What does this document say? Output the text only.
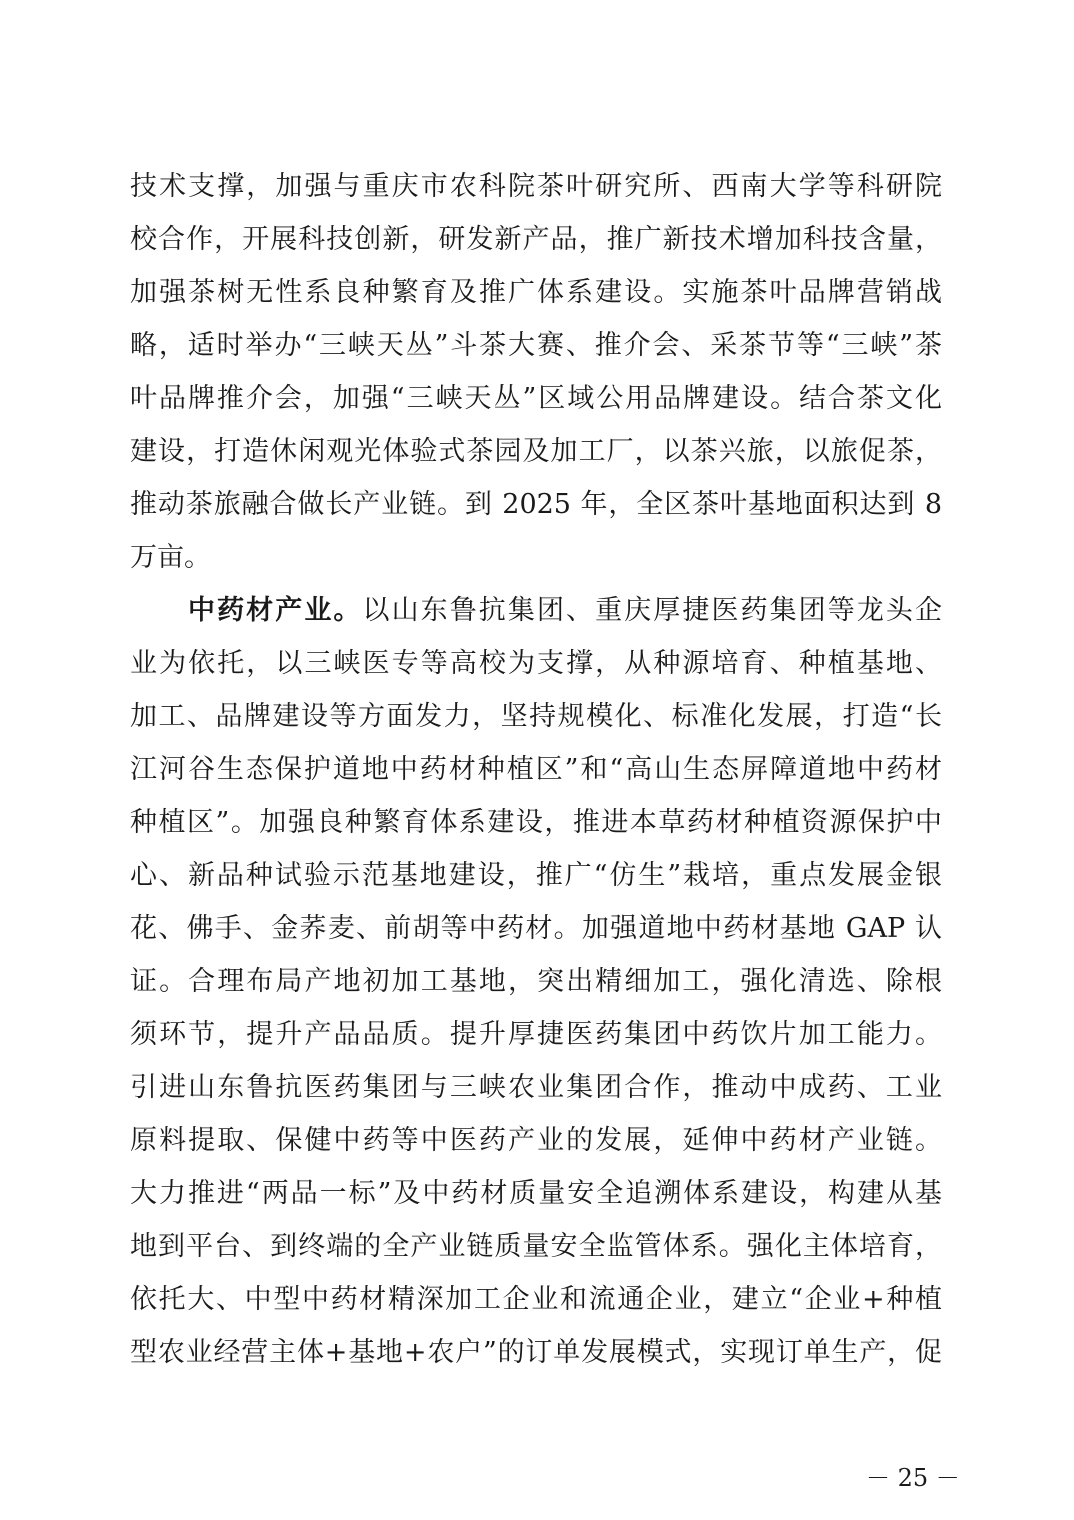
技术支撑，加强与重庆市农科院茶叶研究所、西南大学等科研院
校合作，开展科技创新，研发新产品，推广新技术增加科技含量，
加强茶树无性系良种繁育及推广体系建设。实施茶叶品牌营销战
略，适时举办“三峡天丛”斗茶大赛、推介会、采茶节等“三峡”茶
叶品牌推介会，加强“三峡天丛”区域公用品牌建设。结合茶文化
建设，打造休闲观光体验式茶园及加工厂，以茶兴旅，以旅促茶，
推动茶旅融合做长产业链。到 2025 年，全区茶叶基地面积达到 8
万亩。
中药材产业。以山东鲁抗集团、重庆厚捷医药集团等龙头企
业为依托，以三峡医专等高校为支撑，从种源培育、种植基地、
加工、品牌建设等方面发力，坚持规模化、标准化发展，打造“长
江河谷生态保护道地中药材种植区”和“高山生态屏障道地中药材
种植区”。加强良种繁育体系建设，推进本草药材种植资源保护中
心、新品种试验示范基地建设，推广“仿生”栽培，重点发展金银
花、佛手、金荞麦、前胡等中药材。加强道地中药材基地 GAP 认
证。合理布局产地初加工基地，突出精细加工，强化清选、除根
须环节，提升产品品质。提升厚捷医药集团中药饮片加工能力。
引进山东鲁抗医药集团与三峡农业集团合作，推动中成药、工业
原料提取、保健中药等中医药产业的发展，延伸中药材产业链。
大力推进“两品一标”及中药材质量安全追溯体系建设，构建从基
地到平台、到终端的全产业链质量安全监管体系。强化主体培育，
依托大、中型中药材精深加工企业和流通企业，建立“企业+种植
型农业经营主体+基地+农户”的订单发展模式，实现订单生产，促
－ 25 －
